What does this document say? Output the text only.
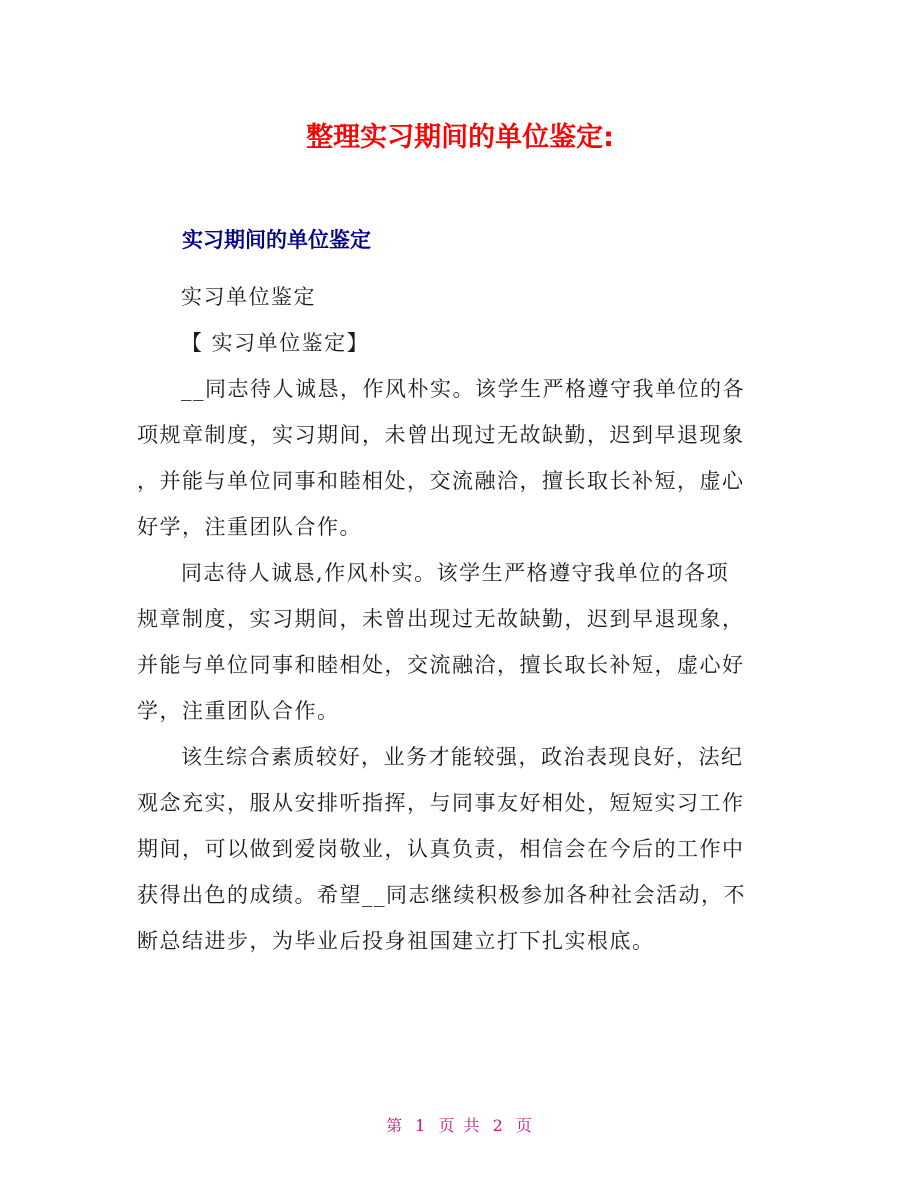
整理实习期间的单位鉴定:
实习期间的单位鉴定

实习单位鉴定

【 实习单位鉴定】

__同志待人诚恳，作风朴实。该学生严格遵守我单位的各

项规章制度，实习期间，未曾出现过无故缺勤，迟到早退现象

，并能与单位同事和睦相处，交流融洽，擅长取长补短，虚心

好学，注重团队合作。

同志待人诚恳,作风朴实。该学生严格遵守我单位的各项

规章制度，实习期间，未曾出现过无故缺勤，迟到早退现象，

并能与单位同事和睦相处，交流融洽，擅长取长补短，虚心好

学，注重团队合作。

该生综合素质较好，业务才能较强，政治表现良好，法纪

观念充实，服从安排听指挥，与同事友好相处，短短实习工作

期间，可以做到爱岗敬业，认真负责，相信会在今后的工作中

获得出色的成绩。希望__同志继续积极参加各种社会活动，不

断总结进步，为毕业后投身祖国建立打下扎实根底。

第 1 页 共 2 页
